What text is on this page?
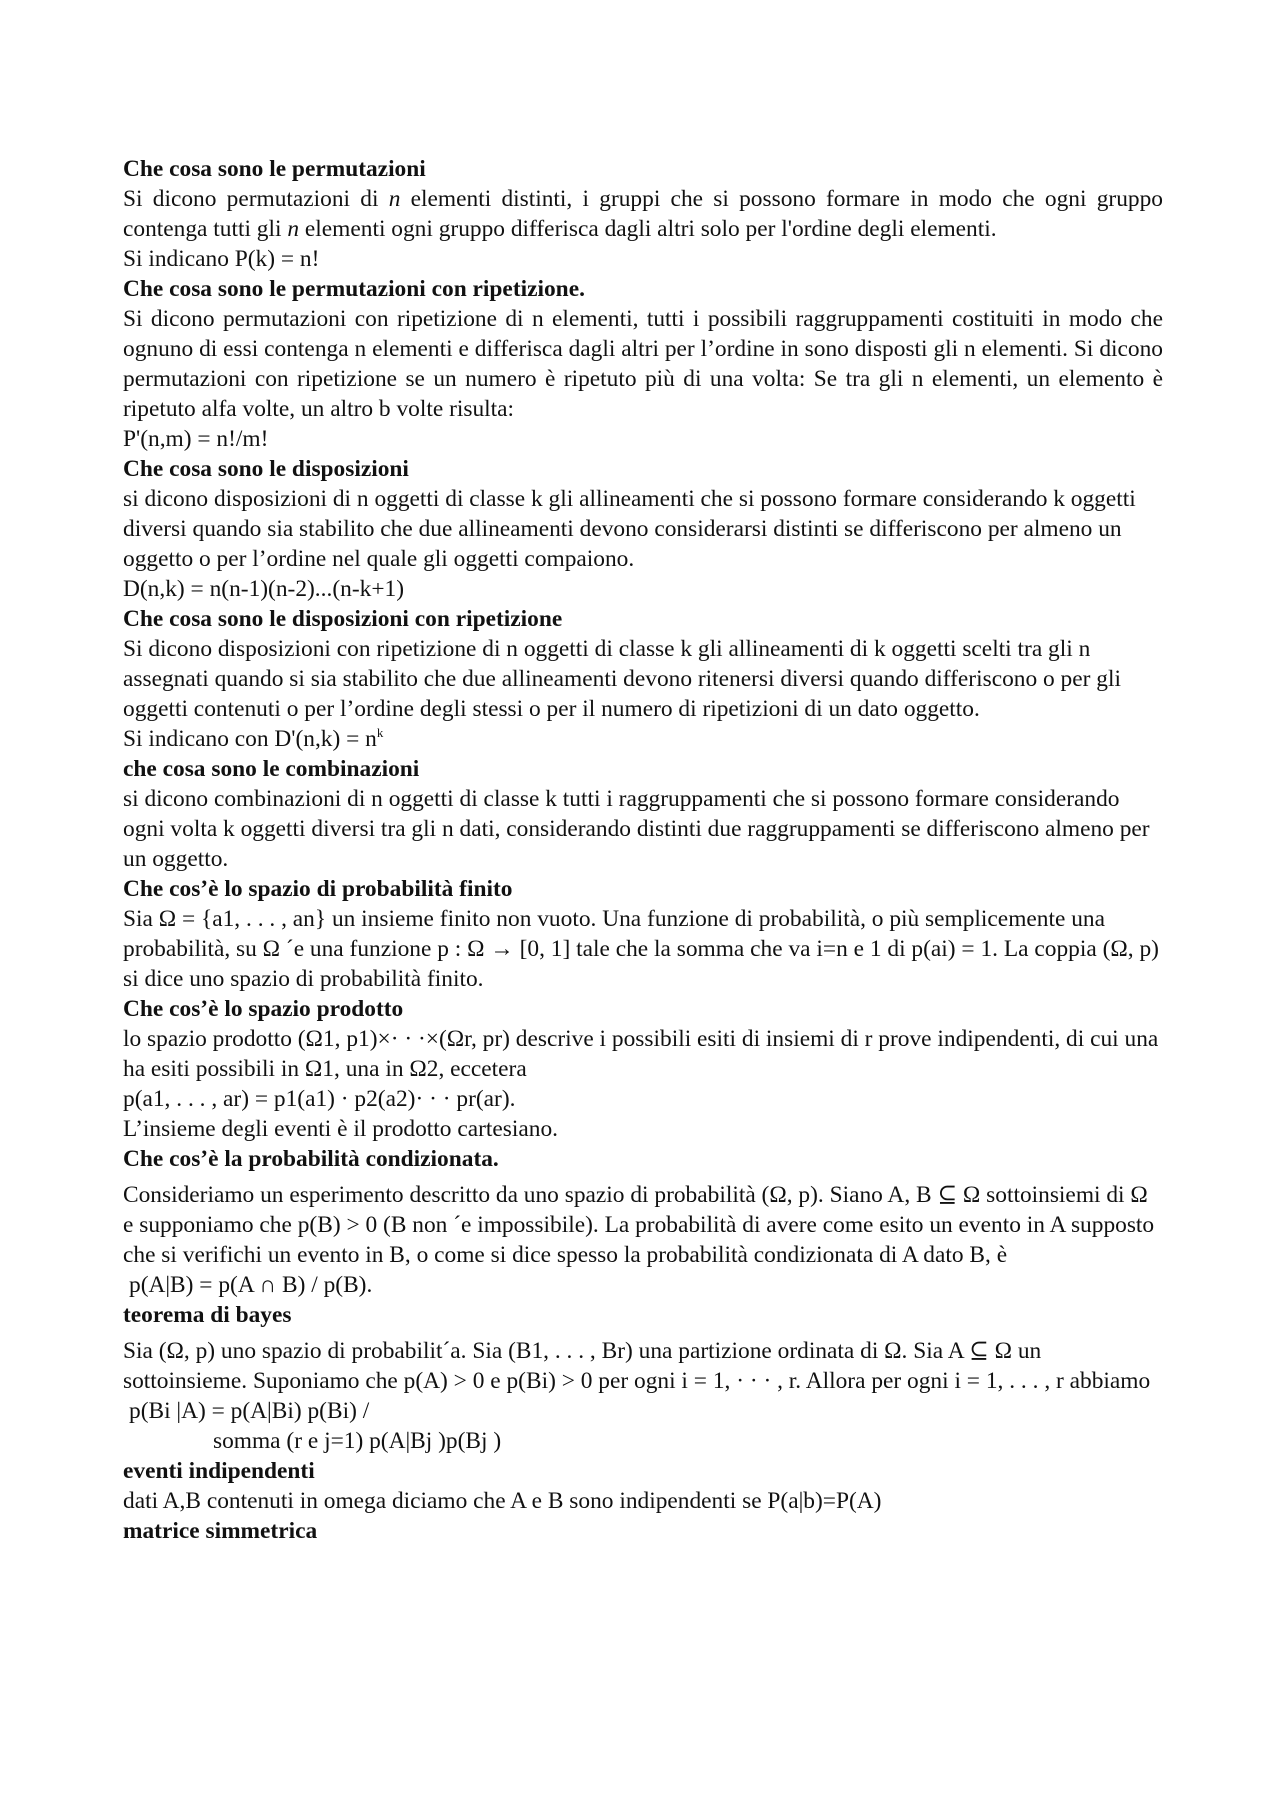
Che cosa sono le permutazioni

Si dicono permutazioni di n elementi distinti, i gruppi che si possono formare in modo che ogni gruppo contenga tutti gli n elementi ogni gruppo differisca dagli altri solo per l'ordine degli elementi.

Si indicano P(k) = n!

Che cosa sono le permutazioni con ripetizione.

Si dicono permutazioni con ripetizione di n elementi, tutti i possibili raggruppamenti costituiti in modo che ognuno di essi contenga n elementi e differisca dagli altri per l’ordine in sono disposti gli n elementi. Si dicono permutazioni con ripetizione se un numero è ripetuto più di una volta: Se tra gli n elementi, un elemento è ripetuto alfa volte, un altro b volte risulta:

P'(n,m) = n!/m!

Che cosa sono le disposizioni

si dicono disposizioni di n oggetti di classe k gli allineamenti che si possono formare considerando k oggetti diversi quando sia stabilito che due allineamenti devono considerarsi distinti se differiscono per almeno un oggetto o per l’ordine nel quale gli oggetti compaiono.

D(n,k) = n(n-1)(n-2)...(n-k+1)

Che cosa sono le disposizioni con ripetizione

Si dicono disposizioni con ripetizione di n oggetti di classe k gli allineamenti di k oggetti scelti tra gli n assegnati quando si sia stabilito che due allineamenti devono ritenersi diversi quando differiscono o per gli oggetti contenuti o per l’ordine degli stessi o per il numero di ripetizioni di un dato oggetto.

Si indicano con $D'(n,k) = n^k$

che cosa sono le combinazioni

si dicono combinazioni di n oggetti di classe k tutti i raggruppamenti che si possono formare considerando ogni volta k oggetti diversi tra gli n dati, considerando distinti due raggruppamenti se differiscono almeno per un oggetto.

Che cos’è lo spazio di probabilità finito

Sia Ω = {a1, . . . , an} un insieme finito non vuoto. Una funzione di probabilità, o più semplicemente una probabilità, su Ω ´e una funzione p : Ω → [0, 1] tale che la somma che va i=n e 1 di p(ai) = 1. La coppia (Ω, p) si dice uno spazio di probabilità finito.

Che cos’è lo spazio prodotto

lo spazio prodotto (Ω1, p1)×· · ·×(Ωr, pr) descrive i possibili esiti di insiemi di r prove indipendenti, di cui una ha esiti possibili in Ω1, una in Ω2, eccetera

p(a1, . . . , ar) = p1(a1) · p2(a2)· · · pr(ar).

L’insieme degli eventi è il prodotto cartesiano.

Che cos’è la probabilità condizionata.

Consideriamo un esperimento descritto da uno spazio di probabilità (Ω, p). Siano A, B ⊆ Ω sottoinsiemi di Ω e supponiamo che p(B) > 0 (B non ´e impossibile). La probabilità di avere come esito un evento in A supposto che si verifichi un evento in B, o come si dice spesso la probabilità condizionata di A dato B, è

p(A|B) = p(A ∩ B) / p(B).

teorema di bayes

Sia (Ω, p) uno spazio di probabilit´a. Sia (B1, . . . , Br) una partizione ordinata di Ω. Sia A ⊆ Ω un sottoinsieme. Suponiamo che p(A) > 0 e p(Bi) > 0 per ogni i = 1, · · · , r. Allora per ogni i = 1, . . . , r abbiamo

p(Bi |A) = p(A|Bi) p(Bi) /

somma (r e j=1) p(A|Bj )p(Bj )

eventi indipendenti

dati A,B contenuti in omega diciamo che A e B sono indipendenti se P(a|b)=P(A)

matrice simmetrica
